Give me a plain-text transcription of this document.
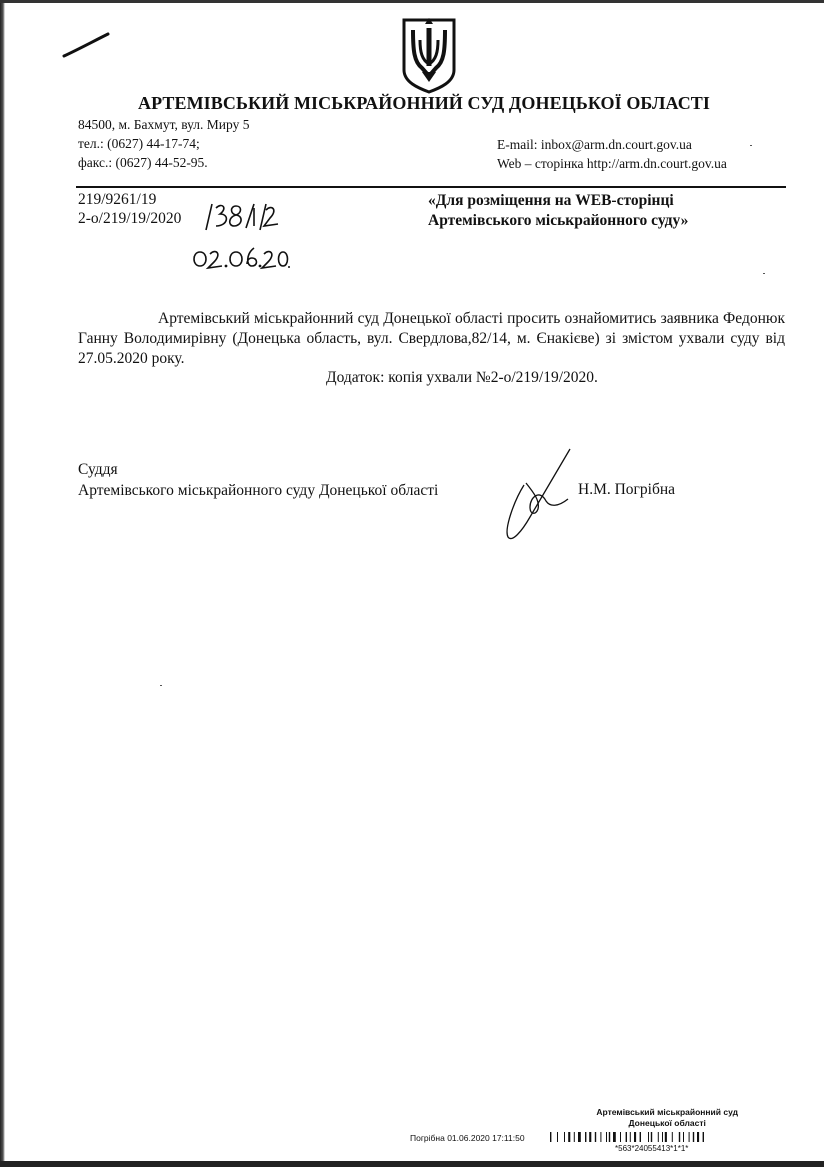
АРТЕМІВСЬКИЙ МІСЬКРАЙОННИЙ СУД ДОНЕЦЬКОЇ ОБЛАСТІ
84500, м. Бахмут, вул. Миру 5
тел.: (0627) 44-17-74;
факс.: (0627) 44-52-95.
E-mail: inbox@arm.dn.court.gov.ua
Web – сторінка http://arm.dn.court.gov.ua
219/9261/19
2-о/219/19/2020
«Для розміщення на WEB-сторінці
Артемівського міськрайонного суду»

Артемівський міськрайонний суд Донецької області просить ознайомитись заявника Федонюк Ганну Володимирівну (Донецька область, вул. Свердлова,82/14, м. Єнакієве) зі змістом ухвали суду від 27.05.2020 року.

Додаток: копія ухвали №2-о/219/19/2020.
Суддя
Артемівського міськрайонного суду Донецької області	Н.М. Погрібна
Артемівський міськрайонний суд
Донецької області
Погрібна 01.06.2020 17:11:50
*563*24055413*1*1*
